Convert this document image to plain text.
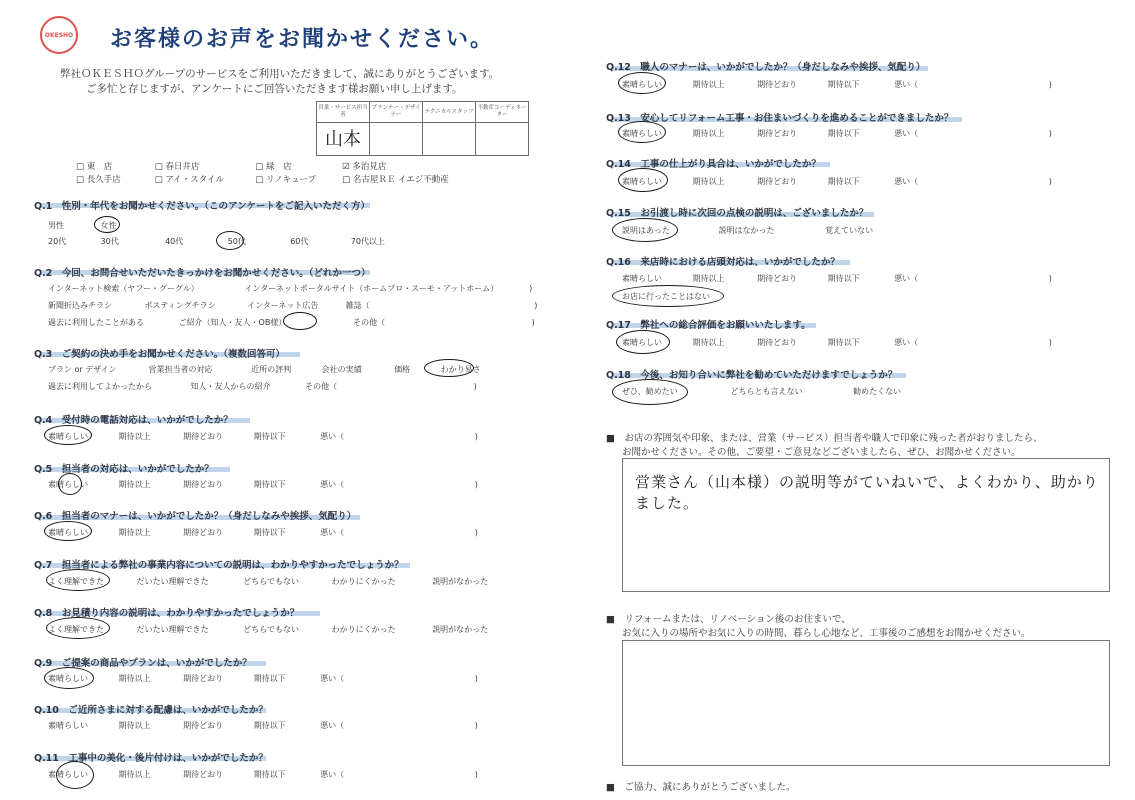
OKESHO お客様のお声をお聞かせください。
弊社ＯＫＥＳＨＯグループのサービスをご利用いただきまして、誠にありがとうございます。
ご多忙と存じますが、アンケートにご回答いただきます様お願い申し上げます。
営業・サービス担当者	プランナー・デザイナー	テクニカルスタッフ	不動産コーディネーター
山本			
□ 東　店	□ 春日井店	□ 緑　店	☑ 多治見店
□ 長久手店	□ アイ・スタイル	□ リノキューブ	□ 名古屋ＲＥ イエジ不動産
Q.1　性別・年代をお聞かせください。（このアンケートをご記入いただく方）
男性	女性
20代	30代	40代	50代	60代	70代以上
Q.2　今回、お問合せいただいたきっかけをお聞かせください。（どれか一つ）
インターネット検索（ヤフー・グーグル）	インターネットポータルサイト（ホームプロ・スーモ・アットホーム）	)
新聞折込みチラシ	ポスティングチラシ	インターネット広告	雑誌（	)
過去に利用したことがある	ご紹介（知人・友人・OB様）	その他（	)
Q.3　ご契約の決め手をお聞かせください。（複数回答可）
プラン or デザイン	営業担当者の対応	近所の評判	会社の実績	価格	わかり易さ
過去に利用してよかったから	知人・友人からの紹介	その他（	)
Q.4　受付時の電話対応は、いかがでしたか？
素晴らしい	期待以上	期待どおり	期待以下	悪い（	)
Q.5　担当者の対応は、いかがでしたか？
素晴らしい	期待以上	期待どおり	期待以下	悪い（	)
Q.6　担当者のマナーは、いかがでしたか？（身だしなみや挨拶、気配り）
素晴らしい	期待以上	期待どおり	期待以下	悪い（	)
Q.7　担当者による弊社の事業内容についての説明は、わかりやすかったでしょうか？
よく理解できた	だいたい理解できた	どちらでもない	わかりにくかった	説明がなかった
Q.8　お見積り内容の説明は、わかりやすかったでしょうか？
よく理解できた	だいたい理解できた	どちらでもない	わかりにくかった	説明がなかった
Q.9　ご提案の商品やプランは、いかがでしたか？
素晴らしい	期待以上	期待どおり	期待以下	悪い（	)
Q.10　ご近所さまに対する配慮は、いかがでしたか？
素晴らしい	期待以上	期待どおり	期待以下	悪い（	)
Q.11　工事中の美化・後片付けは、いかがでしたか？
素晴らしい	期待以上	期待どおり	期待以下	悪い（	)
Q.12　職人のマナーは、いかがでしたか？（身だしなみや挨拶、気配り）
素晴らしい	期待以上	期待どおり	期待以下	悪い（	)
Q.13　安心してリフォーム工事・お住まいづくりを進めることができましたか？
素晴らしい	期待以上	期待どおり	期待以下	悪い（	)
Q.14　工事の仕上がり具合は、いかがでしたか？
素晴らしい	期待以上	期待どおり	期待以下	悪い（	)
Q.15　お引渡し時に次回の点検の説明は、ございましたか？
説明はあった	説明はなかった	覚えていない
Q.16　来店時における店頭対応は、いかがでしたか？
素晴らしい	期待以上	期待どおり	期待以下	悪い（	)
お店に行ったことはない
Q.17　弊社への総合評価をお願いいたします。
素晴らしい	期待以上	期待どおり	期待以下	悪い（	)
Q.18　今後、お知り合いに弊社を勧めていただけますでしょうか？
ぜひ、勧めたい	どちらとも言えない	勧めたくない
■　お店の雰囲気や印象、または、営業（サービス）担当者や職人で印象に残った者がおりましたら、
お聞かせください。その他、ご要望・ご意見などございましたら、ぜひ、お聞かせください。
営業さん（山本様）の説明等がていねいで、よくわかり、助かりました。
■　リフォームまたは、リノベーション後のお住まいで、
お気に入りの場所やお気に入りの時間、暮らし心地など、工事後のご感想をお聞かせください。
■　ご協力、誠にありがとうございました。
